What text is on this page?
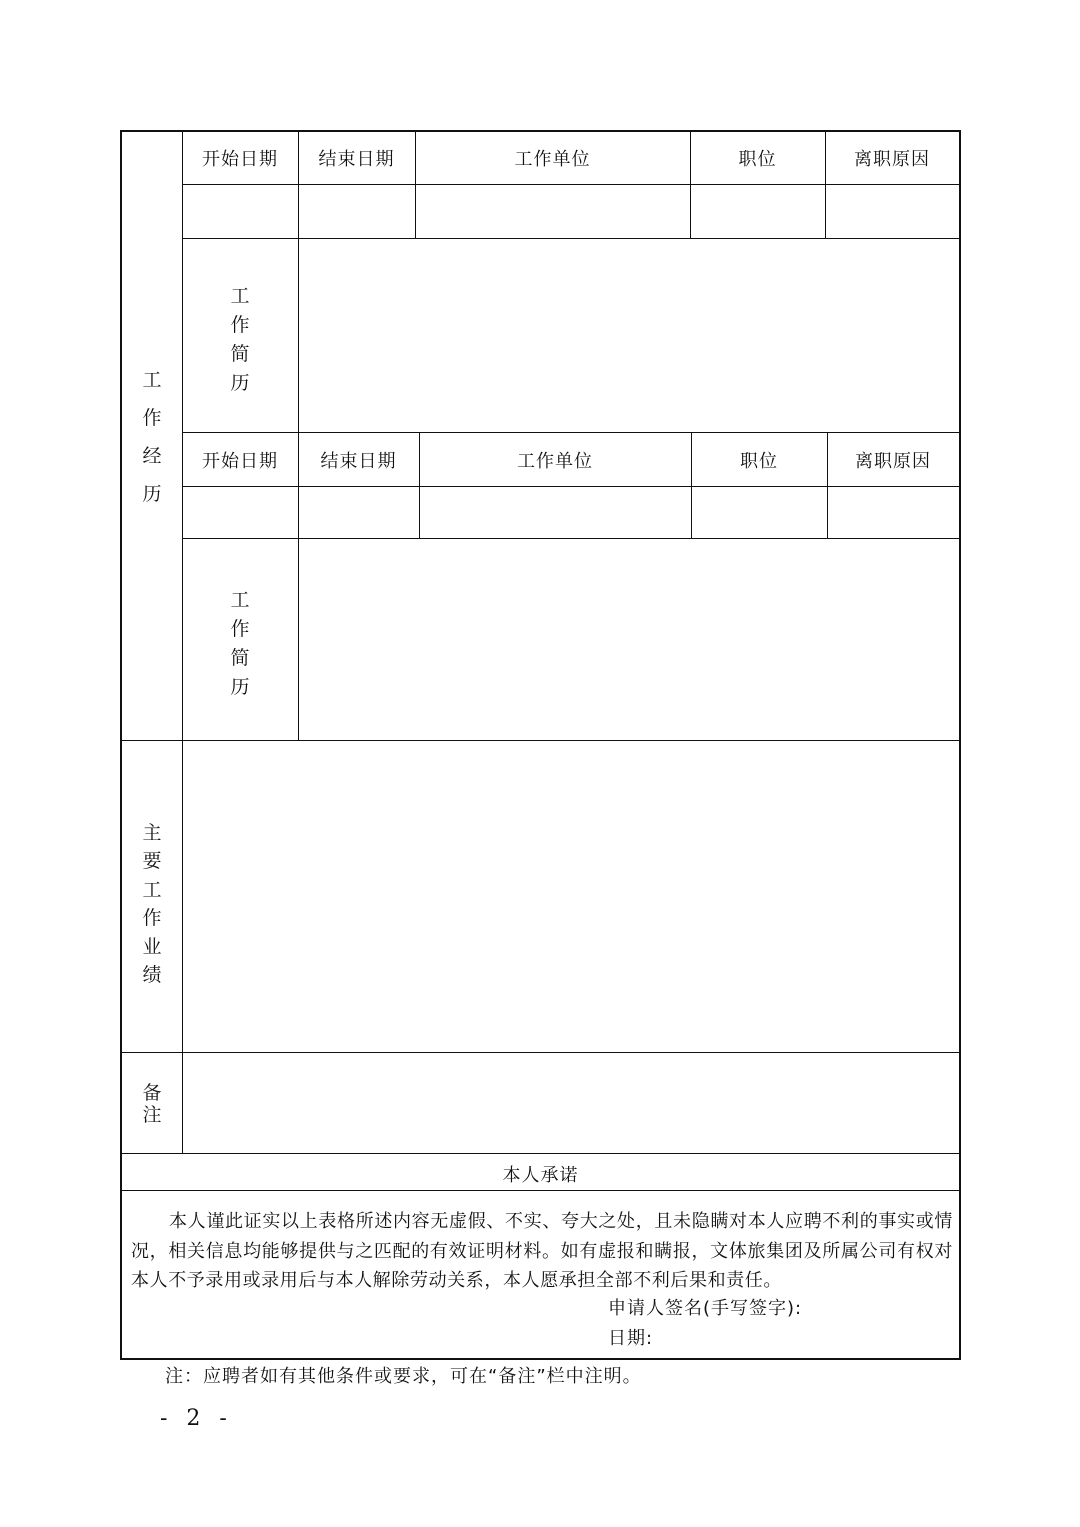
工
作
经
历
开始日期	结束日期	工作单位	职位	离职原因
工
作
简
历
开始日期	结束日期	工作单位	职位	离职原因
工
作
简
历
主
要
工
作
业
绩
备
注
本人承诺
本人谨此证实以上表格所述内容无虚假、不实、夸大之处，且未隐瞒对本人应聘不利的事实或情况，相关信息均能够提供与之匹配的有效证明材料。如有虚报和瞒报，文体旅集团及所属公司有权对本人不予录用或录用后与本人解除劳动关系，本人愿承担全部不利后果和责任。
申请人签名(手写签字):
日期:
注：应聘者如有其他条件或要求，可在“备注”栏中注明。
- 2 -
